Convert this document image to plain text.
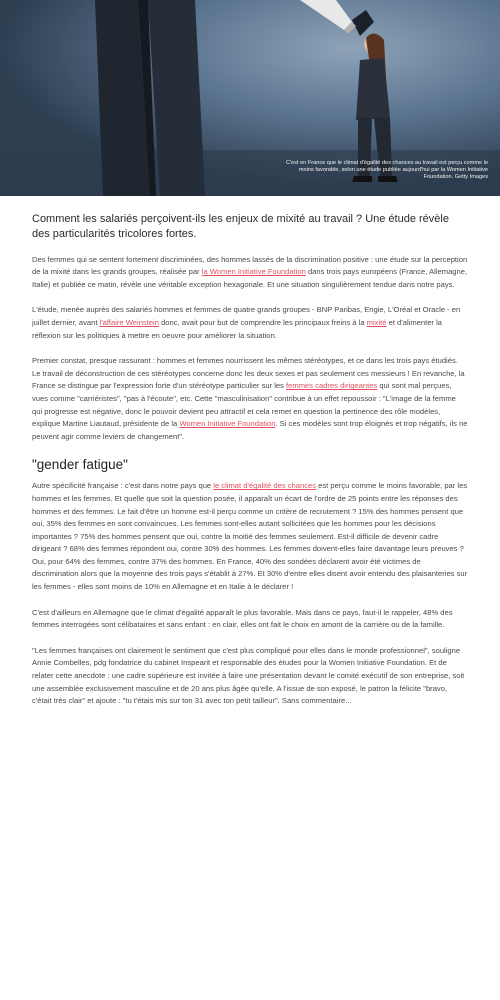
C'est en France que le climat d'égalité des chances au travail est perçu comme le moins favorable, selon une étude publiée aujourd'hui par la Women Initiative Foundation. Getty Images
Comment les salariés perçoivent-ils les enjeux de mixité au travail ? Une étude révèle des particularités tricolores fortes.

Des femmes qui se sentent fortement discriminées, des hommes lassés de la discrimination positive : une étude sur la perception de la mixité dans les grands groupes, réalisée par la Women Initiative Foundation dans trois pays européens (France, Allemagne, Italie) et publiée ce matin, révèle une véritable exception hexagonale. Et une situation singulièrement tendue dans notre pays.

L'étude, menée auprès des salariés hommes et femmes de quatre grands groupes - BNP Paribas, Engie, L'Oréal et Oracle - en juillet dernier, avant l'affaire Weinstein donc, avait pour but de comprendre les principaux freins à la mixité et d'alimenter la réflexion sur les politiques à mettre en oeuvre pour améliorer la situation.

Premier constat, presque rassurant : hommes et femmes nourrissent les mêmes stéréotypes, et ce dans les trois pays étudiés. Le travail de déconstruction de ces stéréotypes concerne donc les deux sexes et pas seulement ces messieurs ! En revanche, la France se distingue par l'expression forte d'un stéréotype particulier sur les femmes cadres dirigeantes qui sont mal perçues, vues comme "carriéristes", "pas à l'écoute", etc. Cette "masculinisation" contribue à un effet repoussoir : "L'image de la femme qui progresse est négative, donc le pouvoir devient peu attractif et cela remet en question la pertinence des rôle modèles, explique Martine Liautaud, présidente de la Women Initiative Foundation. Si ces modèles sont trop éloignés et trop négatifs, ils ne peuvent agir comme leviers de changement".

"gender fatigue"

Autre spécificité française : c'est dans notre pays que le climat d'égalité des chances est perçu comme le moins favorable, par les hommes et les femmes. Et quelle que soit la question posée, il apparaît un écart de l'ordre de 25 points entre les réponses des hommes et des femmes. Le fait d'être un homme est-il perçu comme un critère de recrutement ? 15% des hommes pensent que oui, 35% des femmes en sont convaincues. Les femmes sont-elles autant sollicitées que les hommes pour les décisions importantes ? 75% des hommes pensent que oui, contre la moitié des femmes seulement. Est-il difficile de devenir cadre dirigeant ? 68% des femmes répondent oui, contre 30% des hommes. Les femmes doivent-elles faire davantage leurs preuves ? Oui, pour 64% des femmes, contre 37% des hommes. En France, 40% des sondées déclarent avoir été victimes de discrimination alors que la moyenne des trois pays s'établit à 27%. Et 30% d'entre elles disent avoir entendu des plaisanteries sur les femmes - elles sont moins de 10% en Allemagne et en Italie à le déclarer !

C'est d'ailleurs en Allemagne que le climat d'égalité apparaît le plus favorable. Mais dans ce pays, faut-il le rappeler, 48% des femmes interrogées sont célibataires et sans enfant : en clair, elles ont fait le choix en amont de la carrière ou de la famille.

"Les femmes françaises ont clairement le sentiment que c'est plus compliqué pour elles dans le monde professionnel", souligne Annie Combelles, pdg fondatrice du cabinet Inspearit et responsable des études pour la Women Initiative Foundation. Et de relater cette anecdote : une cadre supérieure est invitée à faire une présentation devant le comité exécutif de son entreprise, soit une assemblée exclusivement masculine et de 20 ans plus âgée qu'elle. A l'issue de son exposé, le patron la félicite "bravo, c'était très clair" et ajoute : "tu t'étais mis sur ton 31 avec ton petit tailleur". Sans commentaire...
